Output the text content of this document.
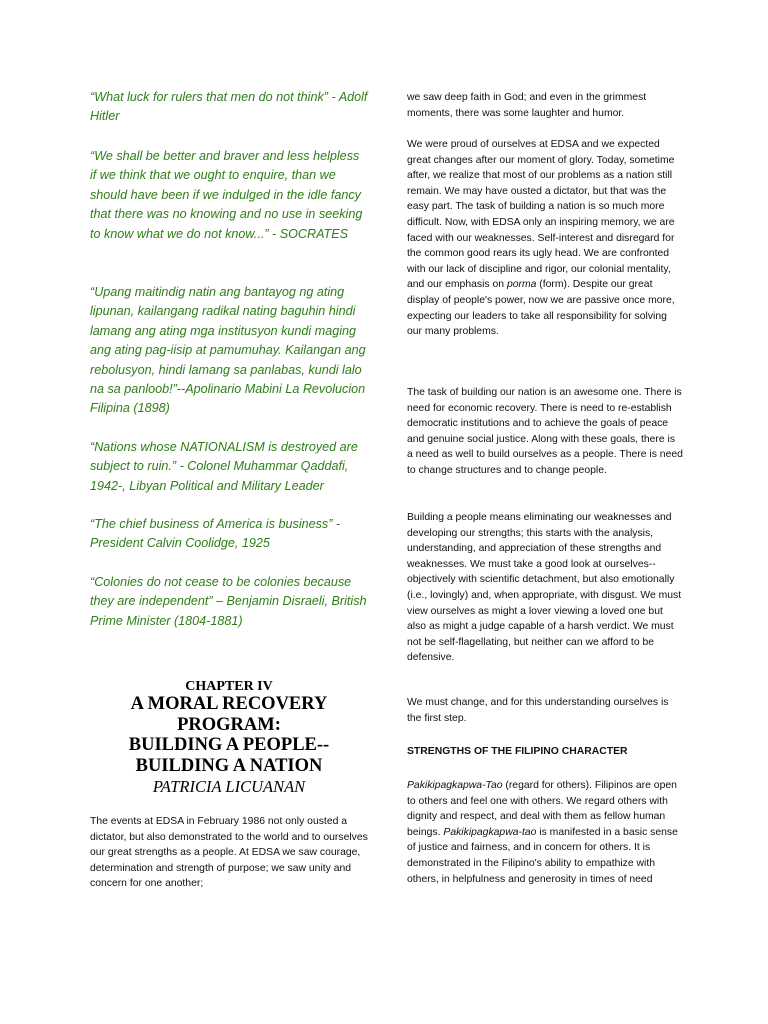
“What luck for rulers that men do not think” - Adolf Hitler

“We shall be better and braver and less helpless if we think that we ought to enquire, than we should have been if we indulged in the idle fancy that there was no knowing and no use in seeking to know what we do not know...” - SOCRATES

“Upang maitindig natin ang bantayog ng ating lipunan, kailangang radikal nating baguhin hindi lamang ang ating mga institusyon kundi maging ang ating pag-iisip at pamumuhay. Kailangan ang rebolusyon, hindi lamang sa panlabas, kundi lalo na sa panloob!”--Apolinario Mabini La Revolucion Filipina (1898)

“Nations whose NATIONALISM is destroyed are subject to ruin.” - Colonel Muhammar Qaddafi, 1942-, Libyan Political and Military Leader

“The chief business of America is business” - President Calvin Coolidge, 1925

“Colonies do not cease to be colonies because they are independent” – Benjamin Disraeli, British Prime Minister (1804-1881)

CHAPTER IV
A MORAL RECOVERY
PROGRAM:
BUILDING A PEOPLE--
BUILDING A NATION
PATRICIA LICUANAN

The events at EDSA in February 1986 not only ousted a dictator, but also demonstrated to the world and to ourselves our great strengths as a people. At EDSA we saw courage, determination and strength of purpose; we saw unity and concern for one another;

we saw deep faith in God; and even in the grimmest moments, there was some laughter and humor.

We were proud of ourselves at EDSA and we expected great changes after our moment of glory. Today, sometime after, we realize that most of our problems as a nation still remain. We may have ousted a dictator, but that was the easy part. The task of building a nation is so much more difficult. Now, with EDSA only an inspiring memory, we are faced with our weaknesses. Self-interest and disregard for the common good rears its ugly head. We are confronted with our lack of discipline and rigor, our colonial mentality, and our emphasis on porma (form). Despite our great display of people's power, now we are passive once more, expecting our leaders to take all responsibility for solving our many problems.

The task of building our nation is an awesome one. There is need for economic recovery. There is need to re-establish democratic institutions and to achieve the goals of peace and genuine social justice. Along with these goals, there is a need as well to build ourselves as a people. There is need to change structures and to change people.

Building a people means eliminating our weaknesses and developing our strengths; this starts with the analysis, understanding, and appreciation of these strengths and weaknesses. We must take a good look at ourselves--objectively with scientific detachment, but also emotionally (i.e., lovingly) and, when appropriate, with disgust. We must view ourselves as might a lover viewing a loved one but also as might a judge capable of a harsh verdict. We must not be self-flagellating, but neither can we afford to be defensive.

We must change, and for this understanding ourselves is the first step.

STRENGTHS OF THE FILIPINO CHARACTER

Pakikipagkapwa-Tao (regard for others). Filipinos are open to others and feel one with others. We regard others with dignity and respect, and deal with them as fellow human beings. Pakikipagkapwa-tao is manifested in a basic sense of justice and fairness, and in concern for others. It is demonstrated in the Filipino's ability to empathize with others, in helpfulness and generosity in times of need
